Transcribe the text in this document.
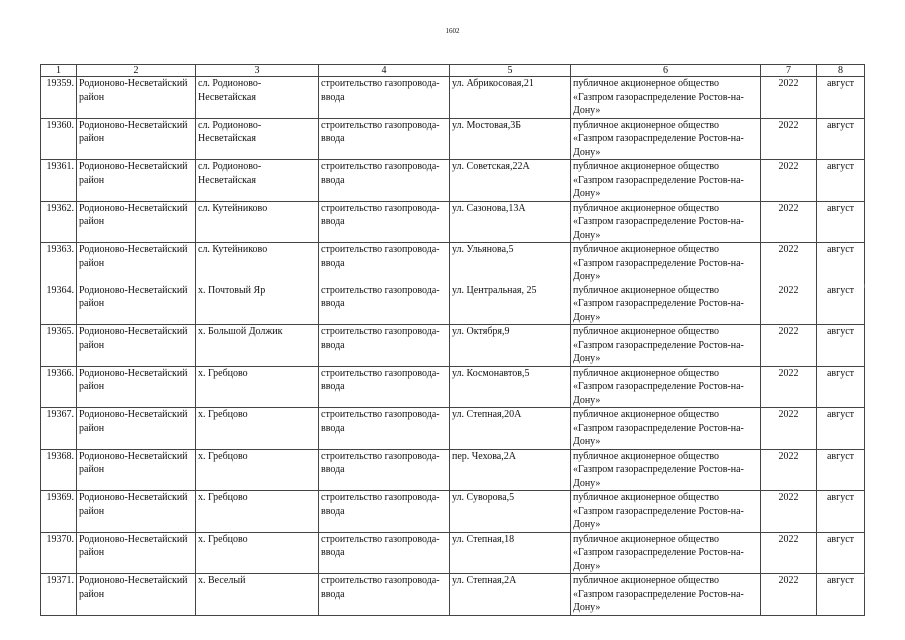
1602
1	2	3	4	5	6	7	8
19359.	Родионово-Несветайский район	сл. Родионово-Несветайская	строительство газопровода-ввода	ул. Абрикосовая,21	публичное акционерное общество «Газпром газораспределение Ростов-на-Дону»	2022	август
19360.	Родионово-Несветайский район	сл. Родионово-Несветайская	строительство газопровода-ввода	ул. Мостовая,3Б	публичное акционерное общество «Газпром газораспределение Ростов-на-Дону»	2022	август
19361.	Родионово-Несветайский район	сл. Родионово-Несветайская	строительство газопровода-ввода	ул. Советская,22А	публичное акционерное общество «Газпром газораспределение Ростов-на-Дону»	2022	август
19362.	Родионово-Несветайский район	сл. Кутейниково	строительство газопровода-ввода	ул. Сазонова,13А	публичное акционерное общество «Газпром газораспределение Ростов-на-Дону»	2022	август
19363.	Родионово-Несветайский район	сл. Кутейниково	строительство газопровода-ввода	ул. Ульянова,5	публичное акционерное общество «Газпром газораспределение Ростов-на-Дону»	2022	август
19364.	Родионово-Несветайский район	х. Почтовый Яр	строительство газопровода-ввода	ул. Центральная, 25	публичное акционерное общество «Газпром газораспределение Ростов-на-Дону»	2022	август
19365.	Родионово-Несветайский район	х. Большой Должик	строительство газопровода-ввода	ул. Октября,9	публичное акционерное общество «Газпром газораспределение Ростов-на-Дону»	2022	август
19366.	Родионово-Несветайский район	х. Гребцово	строительство газопровода-ввода	ул. Космонавтов,5	публичное акционерное общество «Газпром газораспределение Ростов-на-Дону»	2022	август
19367.	Родионово-Несветайский район	х. Гребцово	строительство газопровода-ввода	ул. Степная,20А	публичное акционерное общество «Газпром газораспределение Ростов-на-Дону»	2022	август
19368.	Родионово-Несветайский район	х. Гребцово	строительство газопровода-ввода	пер. Чехова,2А	публичное акционерное общество «Газпром газораспределение Ростов-на-Дону»	2022	август
19369.	Родионово-Несветайский район	х. Гребцово	строительство газопровода-ввода	ул. Суворова,5	публичное акционерное общество «Газпром газораспределение Ростов-на-Дону»	2022	август
19370.	Родионово-Несветайский район	х. Гребцово	строительство газопровода-ввода	ул. Степная,18	публичное акционерное общество «Газпром газораспределение Ростов-на-Дону»	2022	август
19371.	Родионово-Несветайский район	х. Веселый	строительство газопровода-ввода	ул. Степная,2А	публичное акционерное общество «Газпром газораспределение Ростов-на-Дону»	2022	август
